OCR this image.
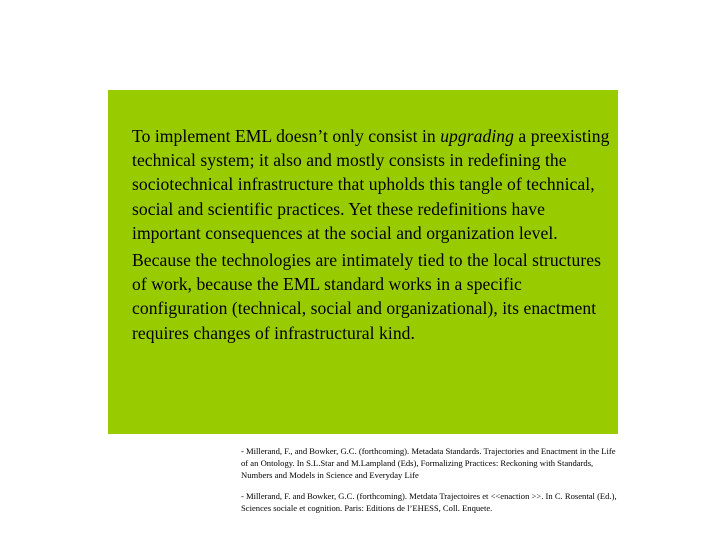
To implement EML doesn’t only consist in upgrading a preexisting technical system; it also and mostly consists in redefining the sociotechnical infrastructure that upholds this tangle of technical, social and scientific practices. Yet these redefinitions have important consequences at the social and organization level.

Because the technologies are intimately tied to the local structures of work, because the EML standard works in a specific configuration (technical, social and organizational), its enactment requires changes of infrastructural kind.

- Millerand, F., and Bowker, G.C. (forthcoming). Metadata Standards. Trajectories and Enactment in the Life of an Ontology. In S.L.Star and M.Lampland (Eds), Formalizing Practices: Reckoning with Standards, Numbers and Models in Science and Everyday Life

- Millerand, F. and Bowker, G.C. (forthcoming). Metdata Trajectoires et <<enaction >>. In C. Rosental (Ed.), Sciences sociale et cognition. Paris: Editions de l’EHESS, Coll. Enquete.
